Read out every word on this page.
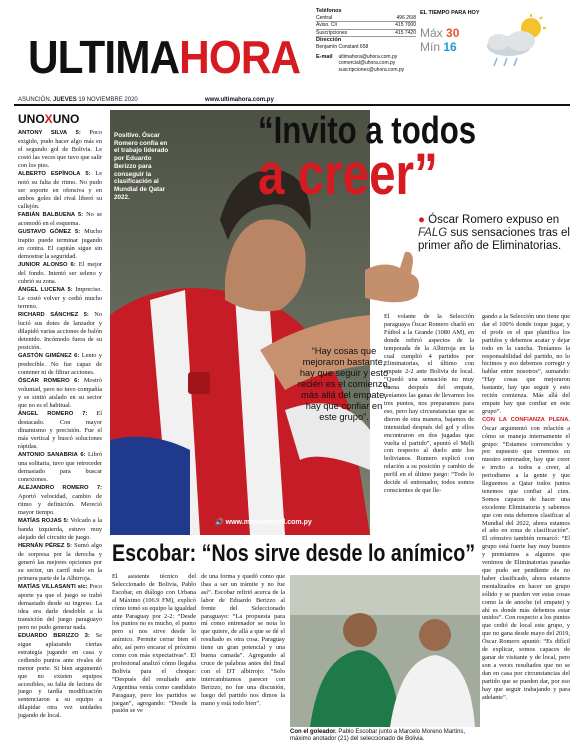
ULTIMAHORA
ASUNCIÓN, JUEVES 19 NOVIEMBRE 2020	www.ultimahora.com.py
Teléfonos
Central	496 26/8
Aviso. Clí	415 7000
Suscripciones	415 7420
Dirección
Benjamín Constant 658
E-mail ultimahora@uhora.com.py
comercial@uhora.com.py
suscripciones@uhora.com.py
EL TIEMPO PARA HOY
Máx 30
Mín 16
UNOXUNO

ANTONY SILVA 5: Poco exigido, pudo hacer algo más en el segundo gol de Bolivia. Le costó las veces que tuvo que salir con los pies.

ALBERTO ESPÍNOLA 5: Le notó su falta de ritmo. No pudo ser soporte en ofensiva y en ambos goles del rival liberó su callejón.

FABIÁN BALBUENA 5: No se acomodó en el esquema.

GUSTAVO GÓMEZ 5: Mucho trapito puede terminar jugando en contra. El capitán sigue sin demostrar la seguridad.

JUNIOR ALONSO 6: El mejor del fondo. Intentó ser seleno y cubrió su zona.

ÁNGEL LUCENA 5: Impreciso. Le costó volver y cedió mucho terreno.

RICHARD SÁNCHEZ 5: No lució sus dotes de lanzador y dilapidó varias acciones de balón detenido. Incómodo fuera de su posición.

GASTÓN GIMÉNEZ 6: Lento y predecible. No fue capaz de contener ni de filtrar acciones.

ÓSCAR ROMERO 6: Mostró voluntad, pero no tuvo compañía y se sintió aislado en su sector que no es el habitual.

ÁNGEL ROMERO 7: El destacado. Con mayor dinamismo y precisión. Fue el más vertical y buscó soluciones rápidas.

ANTONIO SANABRIA 6: Libró una solitaria, tuvo que retroceder demasiado para buscar conexiones.

ALEJANDRO ROMERO 7: Aportó velocidad, cambio de ritmo y definición. Mereció mayor tiempo.

MATÍAS ROJAS 5: Volcado a la banda izquierda, estuvo muy alejado del circuito de juego.

HERNÁN PÉREZ 5: Sumó algo de sorpresa por la derecha y generó las mejores opciones por su sector, un carril nulo en la primera parte de la Albirroja.

MATÍAS VILLASANTI s/c: Poco aporte ya que el juego se trabó demasiado desde su ingreso. La idea era darle desdoble a la transición del juego paraguayo pero no pudo generar nada.

EDUARDO BERIZZO 3: Se sigue aplazando ciertas estrategia jugando en casa y cediendo puntos ante rivales de menor porte. Si bien argumentó que no existen equipos accesibles, su falta de lectura de juego y tardía modificación sentenciaron a su equipo a dilapidar otra vez unidades jugando de local.

Positivo. Óscar Romero confía en el trabajo liderado por Eduardo Berizzo para conseguir la clasificación al Mundial de Qatar 2022.
“Invito a todos
a creer”
● Óscar Romero expuso en FALG sus sensaciones tras el primer año de Eliminatorias.
“Hay cosas que mejoraron bastante, hay que seguir y esto recién es el comienzo, más allá del empate, hay que confiar en este grupo”.
🔊 www.monumental.com.py
El volante de la Selección paraguaya Óscar Romero charló en Fútbol a la Grande (1080 AM), en donde refirió aspectos de la temporada de la Albirroja en la cual cumplió 4 partidos por Eliminatorias, el último con empate 2-2 ante Bolivia de local. “Quedó una sensación no muy buena después del empate, teníamos las ganas de llevarnos los tres puntos, nos preparamos para eso, pero hay circunstancias que se dieron de otra manera, bajamos de intensidad después del gol y ellos encontraron en dos jugadas que vuelta el partido”, apuntó el Melli con respecto al duelo ante los bolivianos. Romero explicó con relación a su posición y cambio de perfil en el último juego: “Todo lo decide el entrenador, todos somos conscientes de que lle-
gando a la Selección uno tiene que dar el 100% donde toque jugar, y el profe es el que planifica los partidos y debemos acatar y dejar todo en la cancha. Teníamos la responsabilidad del partido, no lo hicimos y eso debemos corregir y hablar entre nosotros”, sumando: “Hay cosas que mejoraron bastante, hay que seguir y esto recién comienza. Más allá del empate hay que confiar en este grupo”.
CON LA CONFIANZA PLENA. Óscar argumentó con relación a cómo se maneja internamente el grupo: “Estamos convencidos y por supuesto que creemos en nuestro entrenador, hay que creer e invito a todos a creer, al periodismo a la gente y que lleguemos a Qatar todos juntos tenemos que confiar al cien. Somos capaces de hacer una excelente Eliminatoria y sabemos que con esta debemos clasificar al Mundial del 2022, ahora estamos el año en zona de clasificación”. El ofensivo también remarcó: “El grupo está fuerte hay muy buenos y premiamos a algunos que venimos de Eliminatorias pasadas que pudo ser pendiente de no haber clasificado, ahora estamos mentalizados en hacer un grupo sólido y se pueden ver estas cosas como la de anoche (el empate) y ahí es donde más debemos estar unidos”. Con respecto a los puntos que cedió de local este grupo, y que no gana desde mayo del 2019, Óscar Romero apuntó: “Es difícil de explicar, somos capaces de ganar de visitante y de local, pero son a veces resultados que no se dan en casa por circunstancias del partido que se pueden dar, por eso hay que seguir trabajando y para adelante”.
Escobar: “Nos sirve desde lo anímico”
El asistente técnico del Seleccionado de Bolivia, Pablo Escobar, en diálogo con Urbana al Máximo (106.9 FM), explicó cómo tomó su equipo la igualdad ante Paraguay por 2-2: “Desde los puntos no es mucho, el punto pero si nos sirve desde lo anímico. Permite cerrar bien el año, así pero encarar el próximo como con más expectativas”. El profesional analizó cómo llegaba Bolivia para el choque: “Después del resultado ante Argentina venía como candidato Paraguay, pero los partidos se juegan”, agregando: “Desde la pasión se ve
de una forma y quedó como que ibas a ser un trámite y no fue así”. Escobar refirió acerca de la labor de Eduardo Berizzo al frente del Seleccionado paraguayo: “La propuesta para mí como entrenador se nota lo que quiere, de allá a que se dé el resultado es otra cosa. Paraguay tiene un gran potencial y una buena camada”. Agregando al cruce de palabras antes del final con el DT albirrojo: “Solo intercambiamos parecer con Berizzo, no fue una discusión, luego del partido nos dimos la mano y está todo bien”.
Con el goleador. Pablo Escobar junto a Marcelo Moreno Martins, máximo anotador (21) del seleccionado de Bolivia.
